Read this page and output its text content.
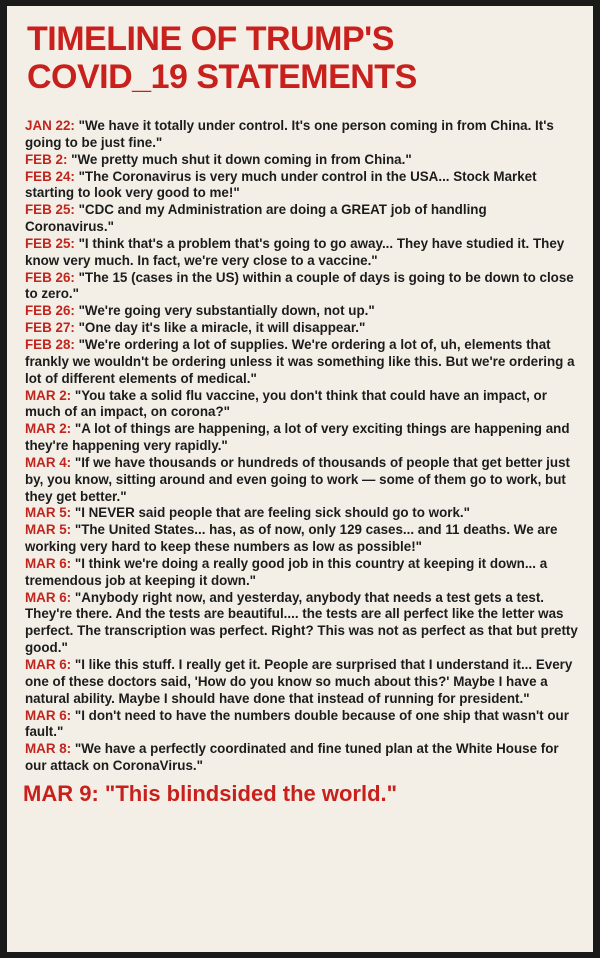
TIMELINE OF TRUMP'S
COVID_19 STATEMENTS

JAN 22: "We have it totally under control. It's one person coming in from China. It's going to be just fine."

FEB 2: "We pretty much shut it down coming in from China."

FEB 24: "The Coronavirus is very much under control in the USA... Stock Market starting to look very good to me!"

FEB 25: "CDC and my Administration are doing a GREAT job of handling Coronavirus."

FEB 25: "I think that's a problem that's going to go away... They have studied it. They know very much. In fact, we're very close to a vaccine."

FEB 26: "The 15 (cases in the US) within a couple of days is going to be down to close to zero."

FEB 26: "We're going very substantially down, not up."

FEB 27: "One day it's like a miracle, it will disappear."

FEB 28: "We're ordering a lot of supplies. We're ordering a lot of, uh, elements that frankly we wouldn't be ordering unless it was something like this. But we're ordering a lot of different elements of medical."

MAR 2: "You take a solid flu vaccine, you don't think that could have an impact, or much of an impact, on corona?"

MAR 2: "A lot of things are happening, a lot of very exciting things are happening and they're happening very rapidly."

MAR 4: "If we have thousands or hundreds of thousands of people that get better just by, you know, sitting around and even going to work — some of them go to work, but they get better."

MAR 5: "I NEVER said people that are feeling sick should go to work."

MAR 5: "The United States... has, as of now, only 129 cases... and 11 deaths. We are working very hard to keep these numbers as low as possible!"

MAR 6: "I think we're doing a really good job in this country at keeping it down... a tremendous job at keeping it down."

MAR 6: "Anybody right now, and yesterday, anybody that needs a test gets a test. They're there. And the tests are beautiful.... the tests are all perfect like the letter was perfect. The transcription was perfect. Right? This was not as perfect as that but pretty good."

MAR 6: "I like this stuff. I really get it. People are surprised that I understand it... Every one of these doctors said, 'How do you know so much about this?' Maybe I have a natural ability. Maybe I should have done that instead of running for president."

MAR 6: "I don't need to have the numbers double because of one ship that wasn't our fault."

MAR 8: "We have a perfectly coordinated and fine tuned plan at the White House for our attack on CoronaVirus."

MAR 9: "This blindsided the world."
